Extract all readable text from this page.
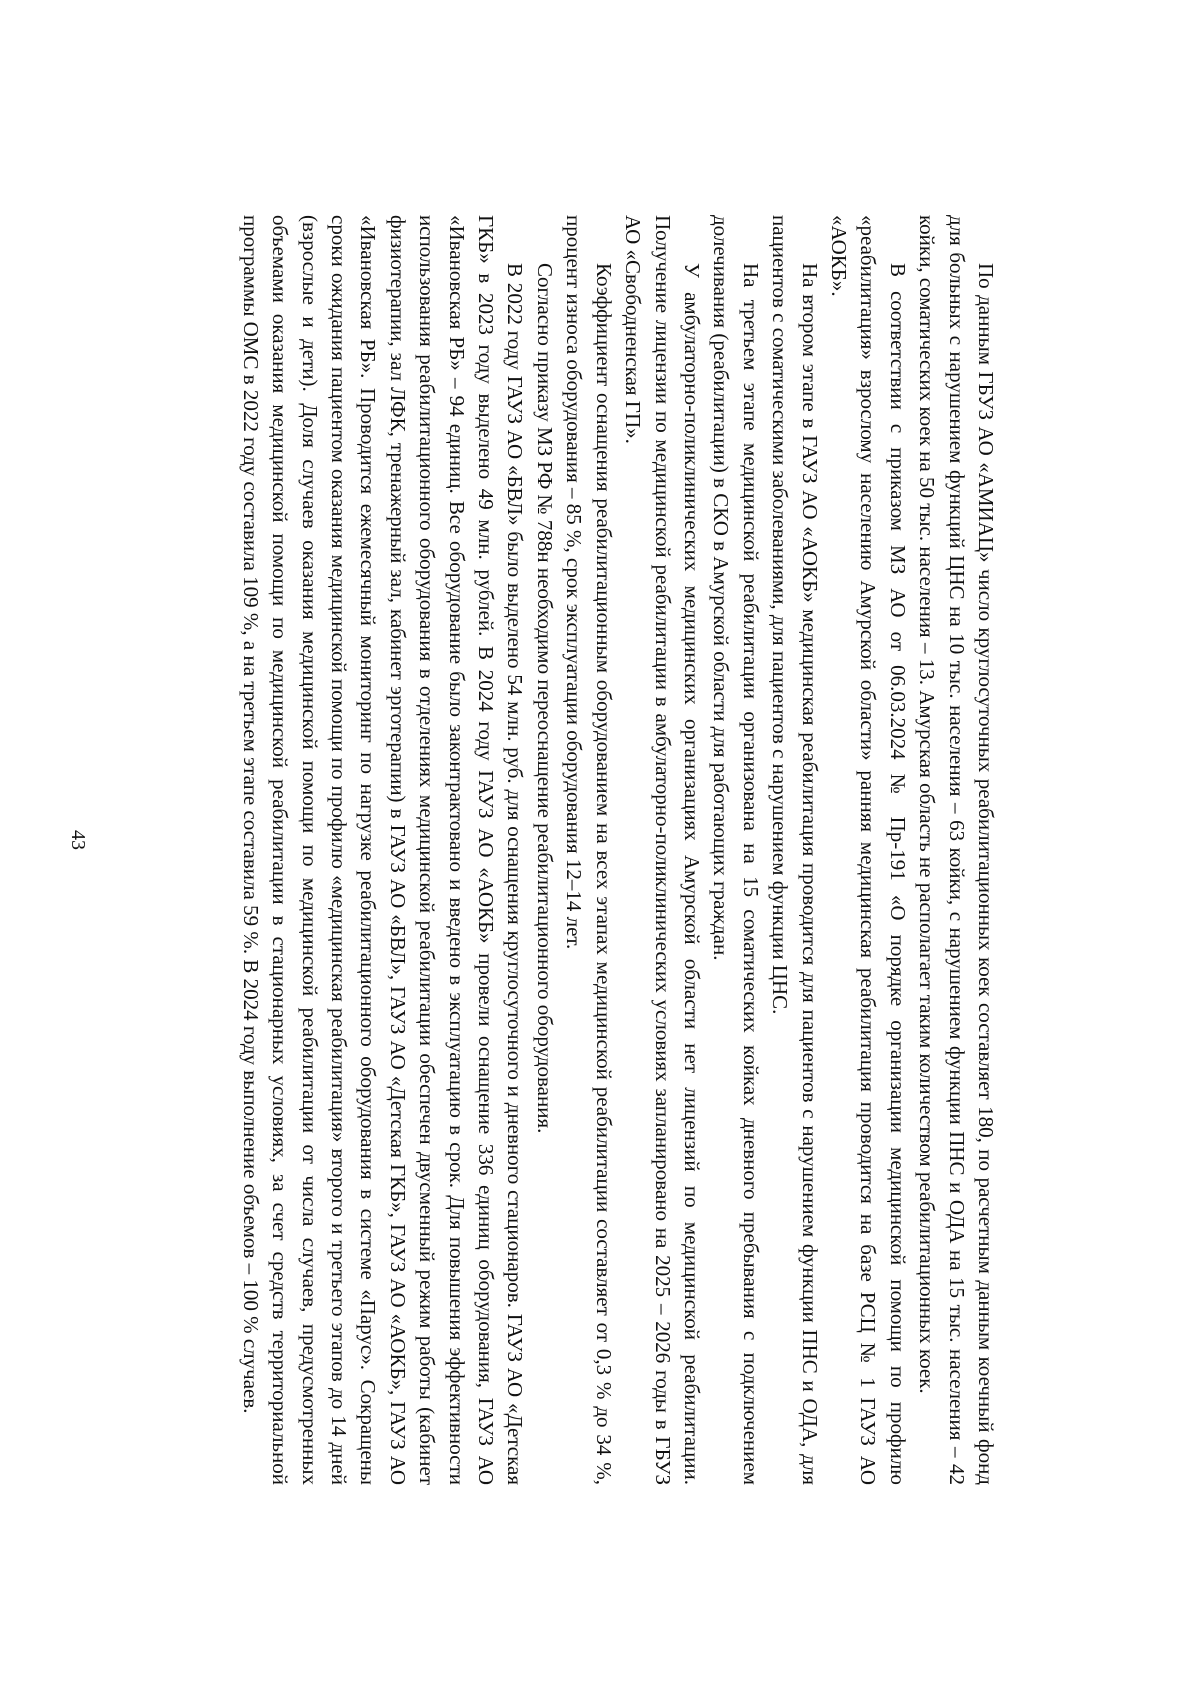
43	По данным ГБУЗ АО «АМИАЦ» число круглосуточных реабилитационных коек составляет 180, по расчетным данным коечный фонд для больных с нарушением функций ЦНС на 10 тыс. населения – 63 койки, с нарушением функции ПНС и ОДА на 15 тыс. населения – 42 койки, соматических коек на 50 тыс. населения – 13. Амурская область не располагает таким количеством реабилитационных коек.

В соответствии с приказом МЗ АО от 06.03.2024 № Пр-191 «О порядке организации медицинской помощи по профилю «реабилитация» взрослому населению Амурской области» ранняя медицинская реабилитация проводится на базе РСЦ № 1 ГАУЗ АО «АОКБ».

На втором этапе в ГАУЗ АО «АОКБ» медицинская реабилитация проводится для пациентов с нарушением функции ПНС и ОДА, для пациентов с соматическими заболеваниями, для пациентов с нарушением функции ЦНС.

На третьем этапе медицинской реабилитации организована на 15 соматических койках дневного пребывания с подключением долечивания (реабилитации) в СКО в Амурской области для работающих граждан.

У амбулаторно-поликлинических медицинских организациях Амурской области нет лицензий по медицинской реабилитации. Получение лицензии по медицинской реабилитации в амбулаторно-поликлинических условиях запланировано на 2025 – 2026 годы в ГБУЗ АО «Свободненская ГП».

Коэффициент оснащения реабилитационным оборудованием на всех этапах медицинской реабилитации составляет от 0,3 % до 34 %, процент износа оборудования – 85 %, срок эксплуатации оборудования 12–14 лет.

Согласно приказу МЗ РФ № 788н необходимо переоснащение реабилитационного оборудования.

В 2022 году ГАУЗ АО «БВЛ» было выделено 54 млн. руб. для оснащения круглосуточного и дневного стационаров. ГАУЗ АО «Детская ГКБ» в 2023 году выделено 49 млн. рублей. В 2024 году ГАУЗ АО «АОКБ» провели оснащение 336 единиц оборудования, ГАУЗ АО «Ивановская РБ» – 94 единиц. Все оборудование было законтрактовано и введено в эксплуатацию в срок. Для повышения эффективности использования реабилитационного оборудования в отделениях медицинской реабилитации обеспечен двусменный режим работы (кабинет физиотерапии, зал ЛФК, тренажерный зал, кабинет эрготерапии) в ГАУЗ АО «БВЛ», ГАУЗ АО «Детская ГКБ», ГАУЗ АО «АОКБ», ГАУЗ АО «Ивановская РБ». Проводится ежемесячный мониторинг по нагрузке реабилитационного оборудования в системе «Парус». Сокращены сроки ожидания пациентом оказания медицинской помощи по профилю «медицинская реабилитация» второго и третьего этапов до 14 дней (взрослые и дети). Доля случаев оказания медицинской помощи по медицинской реабилитации от числа случаев, предусмотренных объемами оказания медицинской помощи по медицинской реабилитации в стационарных условиях, за счет средств территориальной программы ОМС в 2022 году составила 109 %, а на третьем этапе составила 59 %. В 2024 году выполнение объемов – 100 % случаев.
